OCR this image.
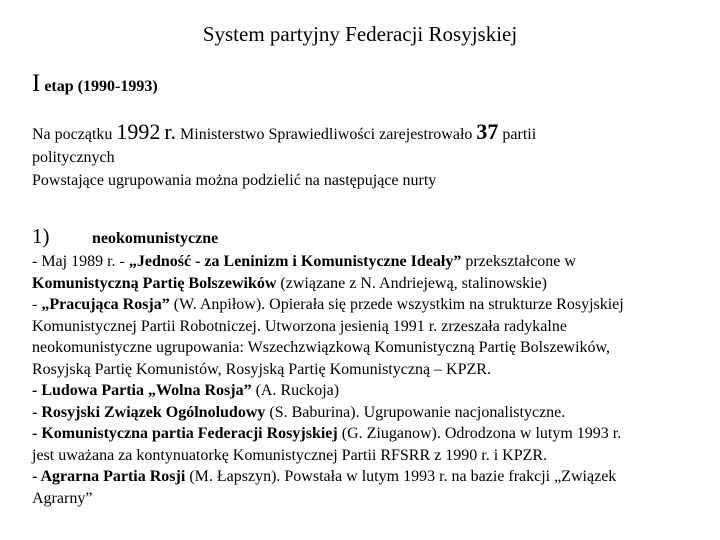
System partyjny Federacji Rosyjskiej
I etap (1990-1993)
Na początku 1992 r. Ministerstwo Sprawiedliwości zarejestrowało 37 partii
politycznych
Powstające ugrupowania można podzielić na następujące nurty
1)	neokomunistyczne
- Maj 1989 r. - „Jedność - za Leninizm i Komunistyczne Ideały” przekształcone w
Komunistyczną Partię Bolszewików (związane z N. Andriejewą, stalinowskie)
- „Pracująca Rosja” (W. Anpiłow). Opierała się przede wszystkim na strukturze Rosyjskiej
Komunistycznej Partii Robotniczej. Utworzona jesienią 1991 r. zrzeszała radykalne
neokomunistyczne ugrupowania: Wszechzwiązkową Komunistyczną Partię Bolszewików,
Rosyjską Partię Komunistów, Rosyjską Partię Komunistyczną – KPZR.
- Ludowa Partia „Wolna Rosja” (A. Ruckoja)
- Rosyjski Związek Ogólnoludowy (S. Baburina). Ugrupowanie nacjonalistyczne.
- Komunistyczna partia Federacji Rosyjskiej (G. Ziuganow). Odrodzona w lutym 1993 r.
jest uważana za kontynuatorkę Komunistycznej Partii RFSRR z 1990 r. i KPZR.
- Agrarna Partia Rosji (M. Łapszyn). Powstała w lutym 1993 r. na bazie frakcji „Związek
Agrarny”
